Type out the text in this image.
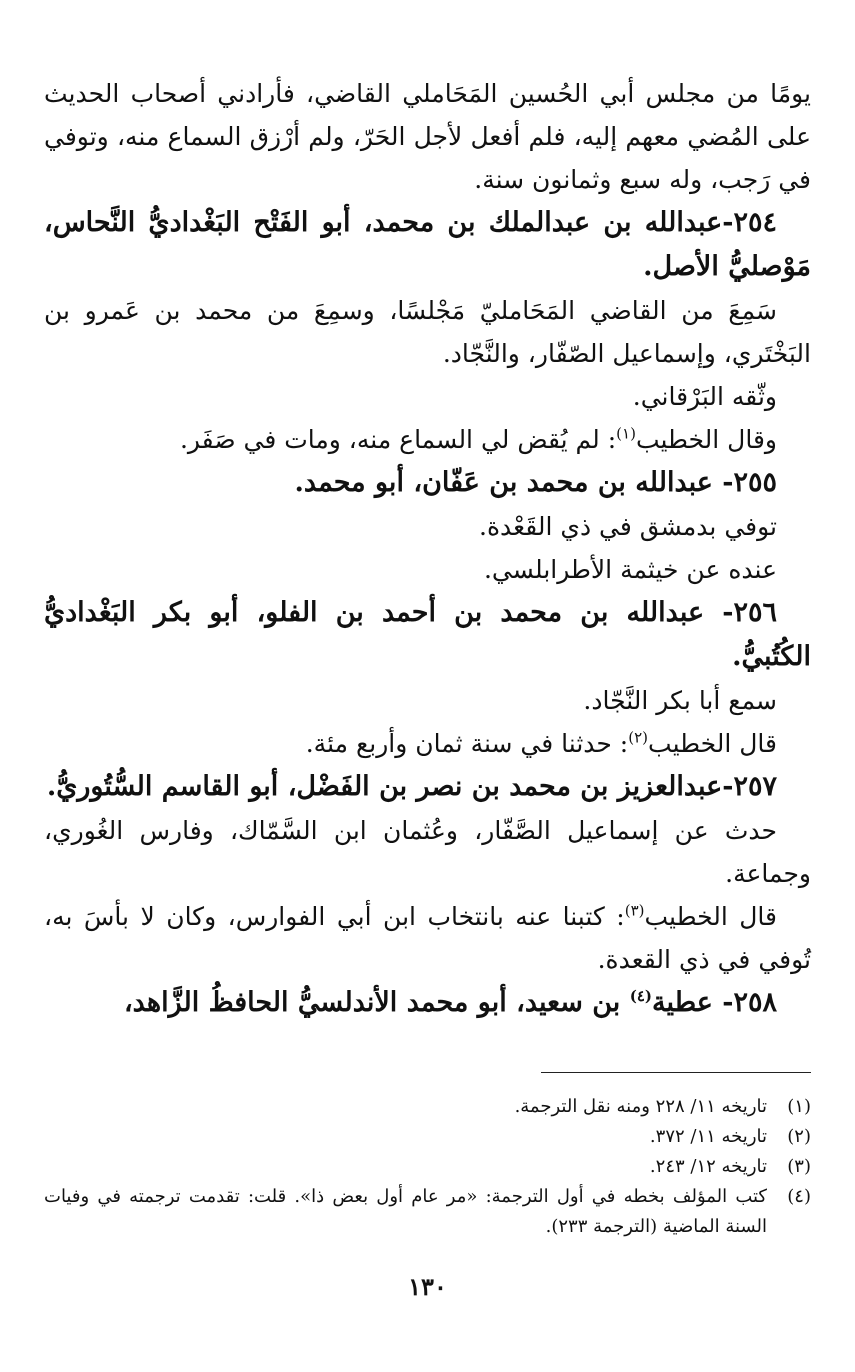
يومًا من مجلس أبي الحُسين المَحَاملي القاضي، فأرادني أصحاب الحديث على المُضي معهم إليه، فلم أفعل لأجل الحَرّ، ولم أرْزق السماع منه، وتوفي في رَجب، وله سبع وثمانون سنة.

٢٥٤-عبدالله بن عبدالملك بن محمد، أبو الفَتْح البَغْداديُّ النَّحاس، مَوْصليُّ الأصل.

سَمِعَ من القاضي المَحَامليّ مَجْلسًا، وسمِعَ من محمد بن عَمرو بن البَخْتَري، وإسماعيل الصّفّار، والنَّجّاد.

وثّقه البَرْقاني.

وقال الخطيب$^{(١)}$: لم يُقض لي السماع منه، ومات في صَفَر.

٢٥٥- عبدالله بن محمد بن عَفّان، أبو محمد.

توفي بدمشق في ذي القَعْدة.

عنده عن خيثمة الأطرابلسي.

٢٥٦- عبدالله بن محمد بن أحمد بن الفلو، أبو بكر البَغْداديُّ الكُتُبيُّ.

سمع أبا بكر النَّجّاد.

قال الخطيب$^{(٢)}$: حدثنا في سنة ثمان وأربع مئة.

٢٥٧-عبدالعزيز بن محمد بن نصر بن الفَضْل، أبو القاسم السُّتُوريُّ.

حدث عن إسماعيل الصَّفّار، وعُثمان ابن السَّمّاك، وفارس الغُوري، وجماعة.

قال الخطيب$^{(٣)}$: كتبنا عنه بانتخاب ابن أبي الفوارس، وكان لا بأسَ به، تُوفي في ذي القعدة.

٢٥٨- عطية$^{(٤)}$ بن سعيد، أبو محمد الأندلسيُّ الحافظُ الزَّاهد،

(١)
تاريخه ١١/ ٢٢٨ ومنه نقل الترجمة.
(٢)
تاريخه ١١/ ٣٧٢.
(٣)
تاريخه ١٢/ ٢٤٣.
(٤)
كتب المؤلف بخطه في أول الترجمة: «مر عام أول بعض ذا». قلت: تقدمت ترجمته في وفيات السنة الماضية (الترجمة ٢٣٣).
١٣٠
